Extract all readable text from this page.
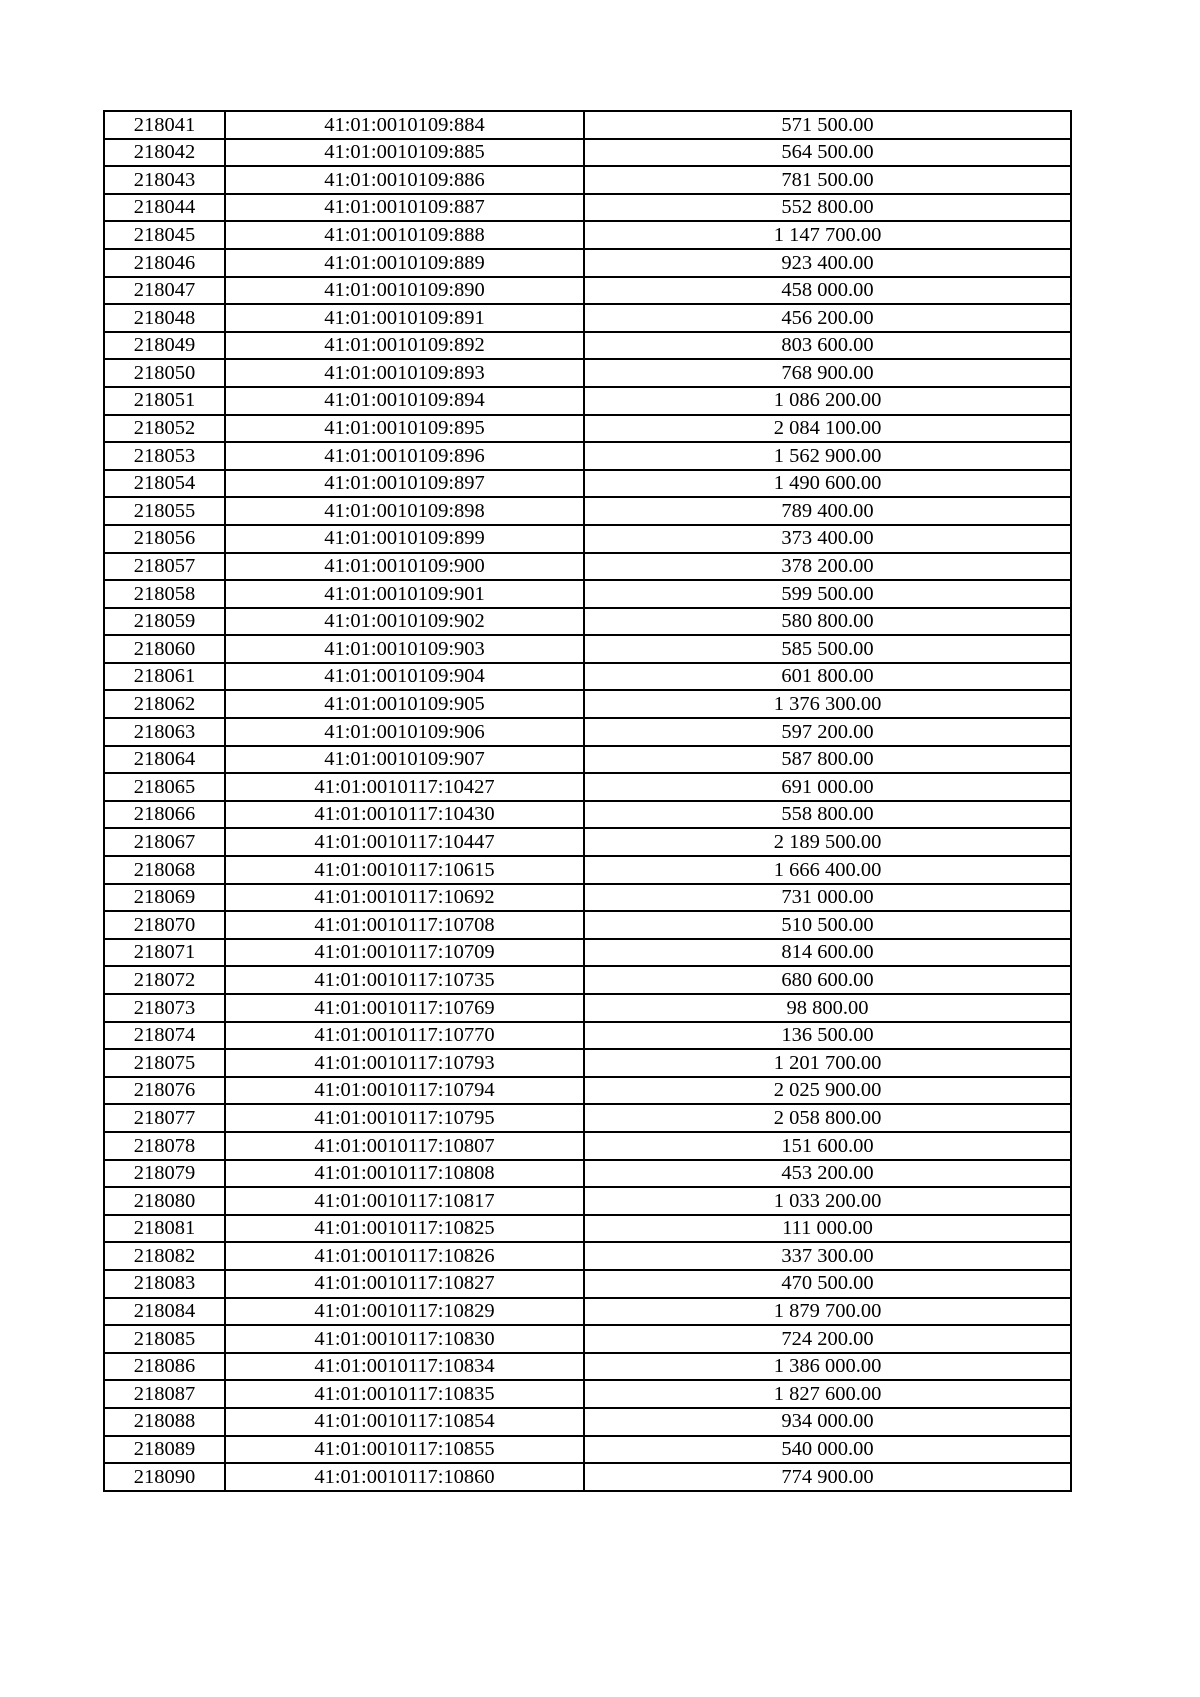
218041	41:01:0010109:884	571 500.00
218042	41:01:0010109:885	564 500.00
218043	41:01:0010109:886	781 500.00
218044	41:01:0010109:887	552 800.00
218045	41:01:0010109:888	1 147 700.00
218046	41:01:0010109:889	923 400.00
218047	41:01:0010109:890	458 000.00
218048	41:01:0010109:891	456 200.00
218049	41:01:0010109:892	803 600.00
218050	41:01:0010109:893	768 900.00
218051	41:01:0010109:894	1 086 200.00
218052	41:01:0010109:895	2 084 100.00
218053	41:01:0010109:896	1 562 900.00
218054	41:01:0010109:897	1 490 600.00
218055	41:01:0010109:898	789 400.00
218056	41:01:0010109:899	373 400.00
218057	41:01:0010109:900	378 200.00
218058	41:01:0010109:901	599 500.00
218059	41:01:0010109:902	580 800.00
218060	41:01:0010109:903	585 500.00
218061	41:01:0010109:904	601 800.00
218062	41:01:0010109:905	1 376 300.00
218063	41:01:0010109:906	597 200.00
218064	41:01:0010109:907	587 800.00
218065	41:01:0010117:10427	691 000.00
218066	41:01:0010117:10430	558 800.00
218067	41:01:0010117:10447	2 189 500.00
218068	41:01:0010117:10615	1 666 400.00
218069	41:01:0010117:10692	731 000.00
218070	41:01:0010117:10708	510 500.00
218071	41:01:0010117:10709	814 600.00
218072	41:01:0010117:10735	680 600.00
218073	41:01:0010117:10769	98 800.00
218074	41:01:0010117:10770	136 500.00
218075	41:01:0010117:10793	1 201 700.00
218076	41:01:0010117:10794	2 025 900.00
218077	41:01:0010117:10795	2 058 800.00
218078	41:01:0010117:10807	151 600.00
218079	41:01:0010117:10808	453 200.00
218080	41:01:0010117:10817	1 033 200.00
218081	41:01:0010117:10825	111 000.00
218082	41:01:0010117:10826	337 300.00
218083	41:01:0010117:10827	470 500.00
218084	41:01:0010117:10829	1 879 700.00
218085	41:01:0010117:10830	724 200.00
218086	41:01:0010117:10834	1 386 000.00
218087	41:01:0010117:10835	1 827 600.00
218088	41:01:0010117:10854	934 000.00
218089	41:01:0010117:10855	540 000.00
218090	41:01:0010117:10860	774 900.00
